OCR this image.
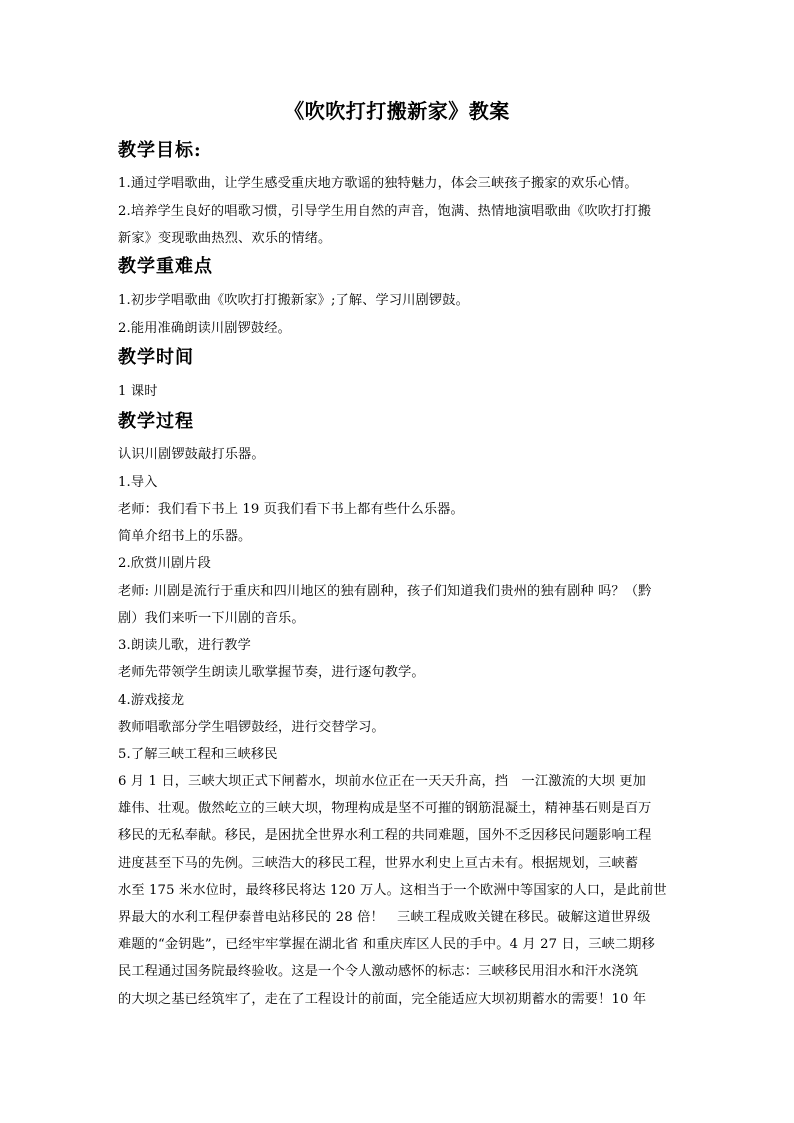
《吹吹打打搬新家》教案
教学目标:

1.通过学唱歌曲，让学生感受重庆地方歌谣的独特魅力，体会三峡孩子搬家的欢乐心情。

2.培养学生良好的唱歌习惯，引导学生用自然的声音，饱满、热情地演唱歌曲《吹吹打打搬

新家》变现歌曲热烈、欢乐的情绪。

教学重难点

1.初步学唱歌曲《吹吹打打搬新家》;了解、学习川剧锣鼓。

2.能用准确朗读川剧锣鼓经。

教学时间

1 课时

教学过程

认识川剧锣鼓敲打乐器。

1.导入

老师：我们看下书上 19 页我们看下书上都有些什么乐器。

简单介绍书上的乐器。

2.欣赏川剧片段

老师: 川剧是流行于重庆和四川地区的独有剧种，孩子们知道我们贵州的独有剧种 吗？（黔

剧）我们来听一下川剧的音乐。

3.朗读儿歌，进行教学

老师先带领学生朗读儿歌掌握节奏，进行逐句教学。

4.游戏接龙

教师唱歌部分学生唱锣鼓经，进行交替学习。

5.了解三峡工程和三峡移民

6 月 1 日，三峡大坝正式下闸蓄水，坝前水位正在一天天升高，挡　一江激流的大坝 更加
雄伟、壮观。傲然屹立的三峡大坝，物理构成是坚不可摧的钢筋混凝土，精神基石则是百万
移民的无私奉献。移民，是困扰全世界水利工程的共同难题，国外不乏因移民问题影响工程
进度甚至下马的先例。三峡浩大的移民工程，世界水利史上亘古未有。根据规划，三峡蓄
水至 175 米水位时，最终移民将达 120 万人。这相当于一个欧洲中等国家的人口，是此前世
界最大的水利工程伊泰普电站移民的 28 倍！　三峡工程成败关键在移民。破解这道世界级
难题的“金钥匙”，已经牢牢掌握在湖北省 和重庆库区人民的手中。4 月 27 日，三峡二期移
民工程通过国务院最终验收。这是一个令人激动感怀的标志：三峡移民用泪水和汗水浇筑
的大坝之基已经筑牢了，走在了工程设计的前面，完全能适应大坝初期蓄水的需要！10 年
